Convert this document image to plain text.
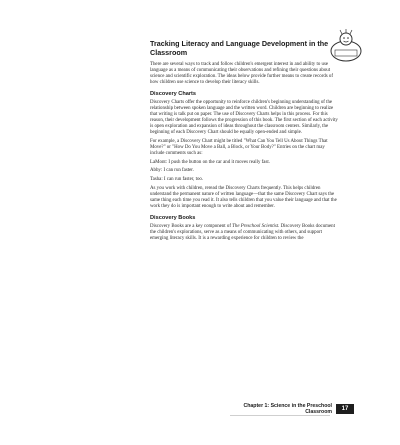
Tracking Literacy and Language Development in the Classroom

There are several ways to track and follow children's emergent interest in and ability to use language as a means of communicating their observations and refining their questions about science and scientific exploration. The ideas below provide further means to create records of how children use science to develop their literacy skills.

Discovery Charts

Discovery Charts offer the opportunity to reinforce children's beginning understanding of the relationship between spoken language and the written word. Children are beginning to realize that writing is talk put on paper. The use of Discovery Charts helps in this process. For this reason, their development follows the progression of this book. The first section of each activity is open exploration and expansion of ideas throughout the classroom centers. Similarly, the beginning of each Discovery Chart should be equally open-ended and simple.

For example, a Discovery Chart might be titled "What Can You Tell Us About Things That Move?" or "How Do You Move a Ball, a Block, or Your Body?" Entries on the chart may include comments such as:

LaMont: I push the button on the car and it moves really fast.

Abby: I can run faster.

Tasha: I can run faster, too.

As you work with children, reread the Discovery Charts frequently. This helps children understand the permanent nature of written language—that the same Discovery Chart says the same thing each time you read it. It also tells children that you value their language and that the work they do is important enough to write about and remember.

Discovery Books

Discovery Books are a key component of The Preschool Scientist. Discovery Books document the children's explorations, serve as a means of communicating with others, and support emerging literacy skills. It is a rewarding experience for children to review the

Chapter 1: Science in the Preschool Classroom	17
